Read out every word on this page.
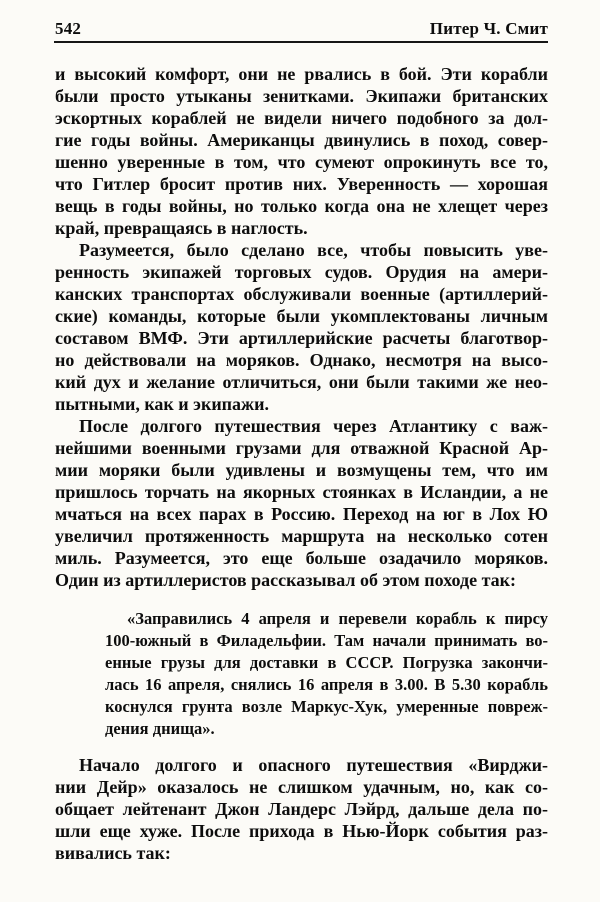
542	Питер Ч. Смит
и высокий комфорт, они не рвались в бой. Эти корабли
были просто утыканы зенитками. Экипажи британских
эскортных кораблей не видели ничего подобного за дол-
гие годы войны. Американцы двинулись в поход, совер-
шенно уверенные в том, что сумеют опрокинуть все то,
что Гитлер бросит против них. Уверенность — хорошая
вещь в годы войны, но только когда она не хлещет через
край, превращаясь в наглость.
Разумеется, было сделано все, чтобы повысить уве-
ренность экипажей торговых судов. Орудия на амери-
канских транспортах обслуживали военные (артиллерий-
ские) команды, которые были укомплектованы личным
составом ВМФ. Эти артиллерийские расчеты благотвор-
но действовали на моряков. Однако, несмотря на высо-
кий дух и желание отличиться, они были такими же нео-
пытными, как и экипажи.
После долгого путешествия через Атлантику с важ-
нейшими военными грузами для отважной Красной Ар-
мии моряки были удивлены и возмущены тем, что им
пришлось торчать на якорных стоянках в Исландии, а не
мчаться на всех парах в Россию. Переход на юг в Лох Ю
увеличил протяженность маршрута на несколько сотен
миль. Разумеется, это еще больше озадачило моряков.
Один из артиллеристов рассказывал об этом походе так:
«Заправились 4 апреля и перевели корабль к пирсу
100-южный в Филадельфии. Там начали принимать во-
енные грузы для доставки в СССР. Погрузка закончи-
лась 16 апреля, снялись 16 апреля в 3.00. В 5.30 корабль
коснулся грунта возле Маркус-Хук, умеренные повреж-
дения днища».
Начало долгого и опасного путешествия «Вирджи-
нии Дейр» оказалось не слишком удачным, но, как со-
общает лейтенант Джон Ландерс Лэйрд, дальше дела по-
шли еще хуже. После прихода в Нью-Йорк события раз-
вивались так:
